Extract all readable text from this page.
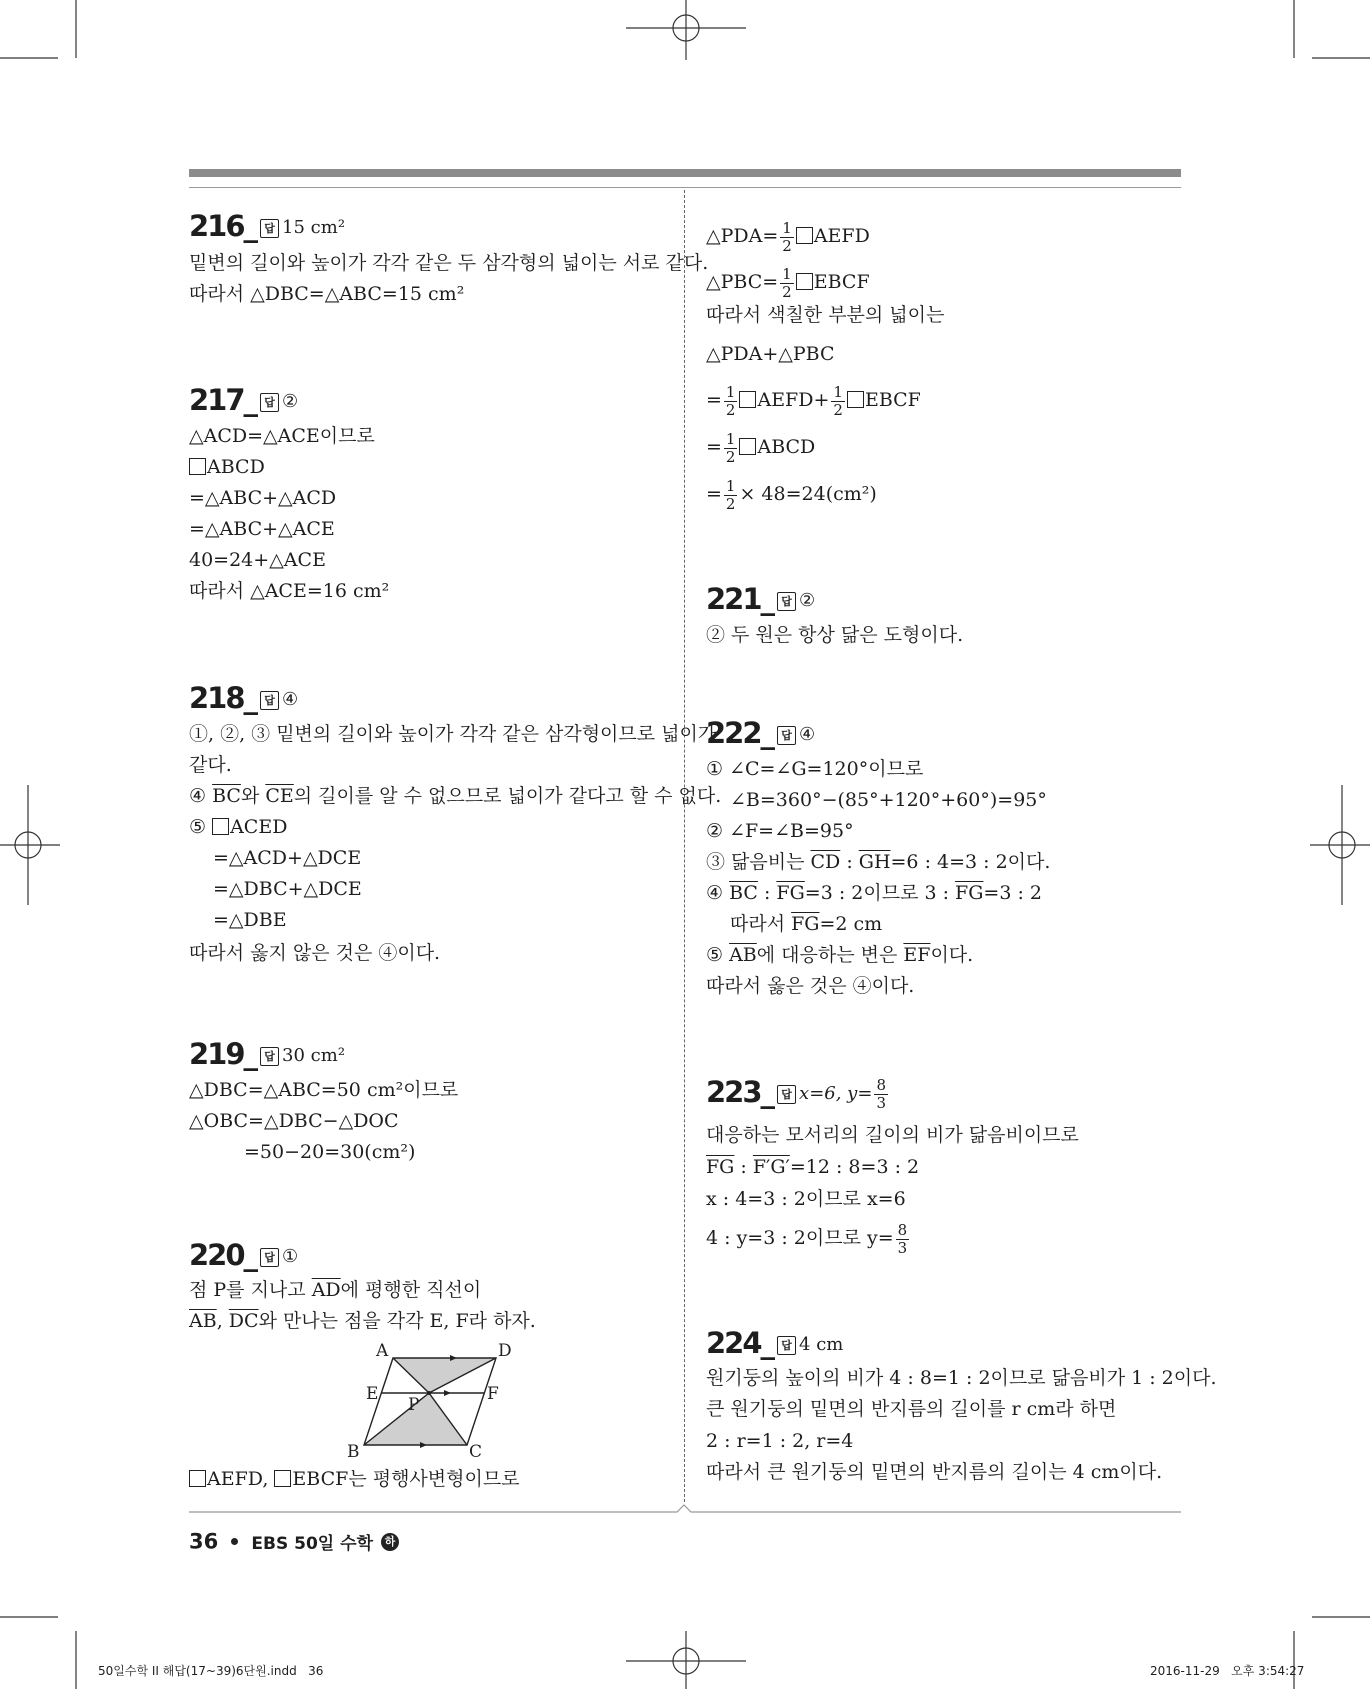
216_ 답 15 cm²
밑변의 길이와 높이가 각각 같은 두 삼각형의 넓이는 서로 같다.
따라서 △DBC=△ABC=15 cm²
217_ 답 ②
△ACD=△ACE이므로
ABCD
=△ABC+△ACD
=△ABC+△ACE
40=24+△ACE
따라서 △ACE=16 cm²
218_ 답 ④
①, ②, ③ 밑변의 길이와 높이가 각각 같은 삼각형이므로 넓이가
같다.
④ $\overline{BC}$와 $\overline{CE}$의 길이를 알 수 없으므로 넓이가 같다고 할 수 없다.
⑤ ACED
=△ACD+△DCE
=△DBC+△DCE
=△DBE
따라서 옳지 않은 것은 ④이다.
219_ 답 30 cm²
△DBC=△ABC=50 cm²이므로
△OBC=△DBC−△DOC
=50−20=30(cm²)
220_ 답 ①
점 P를 지나고 $\overline{AD}$에 평행한 직선이
$\overline{AB}$, $\overline{DC}$와 만나는 점을 각각 E, F라 하자.
A	D
E	F
P
B	C
AEFD, EBCF는 평행사변형이므로
△PDA= $\frac{1}{2}$ AEFD
△PBC= $\frac{1}{2}$ EBCF
따라서 색칠한 부분의 넓이는
△PDA+△PBC
= $\frac{1}{2}$ AEFD+ $\frac{1}{2}$ EBCF
= $\frac{1}{2}$ ABCD
= $\frac{1}{2} \times 48=24(cm^2)$
221_ 답 ②
② 두 원은 항상 닮은 도형이다.
222_ 답 ④
① ∠C=∠G=120°이므로
∠B=360°−(85°+120°+60°)=95°
② ∠F=∠B=95°
③ 닮음비는 $\overline{CD}$ : $\overline{GH}=6$ : 4=3 : 2이다.
④ $\overline{BC}$ : $\overline{FG}=3$ : 2이므로 3 : $\overline{FG}=3$ : 2
따라서 $\overline{FG}=2$ cm
⑤ $\overline{AB}$에 대응하는 변은 $\overline{EF}$이다.
따라서 옳은 것은 ④이다.
223_ 답 x=6, $y= \frac{8}{3}$
대응하는 모서리의 길이의 비가 닮음비이므로
$\overline{FG}$ : F′G′=12 : 8=3 : 2
x : 4=3 : 2이므로 x=6
4 : y=3 : 2이므로 $y= \frac{8}{3}$
224_ 답 4 cm
원기둥의 높이의 비가 4 : 8=1 : 2이므로 닮음비가 1 : 2이다.
큰 원기둥의 밑면의 반지름의 길이를 r cm라 하면
2 : r=1 : 2, r=4
따라서 큰 원기둥의 밑면의 반지름의 길이는 4 cm이다.
36 EBS 50일 수학 하
50일수학 II 해답(17~39)6단원.indd   36	2016-11-29   오후 3:54:27
